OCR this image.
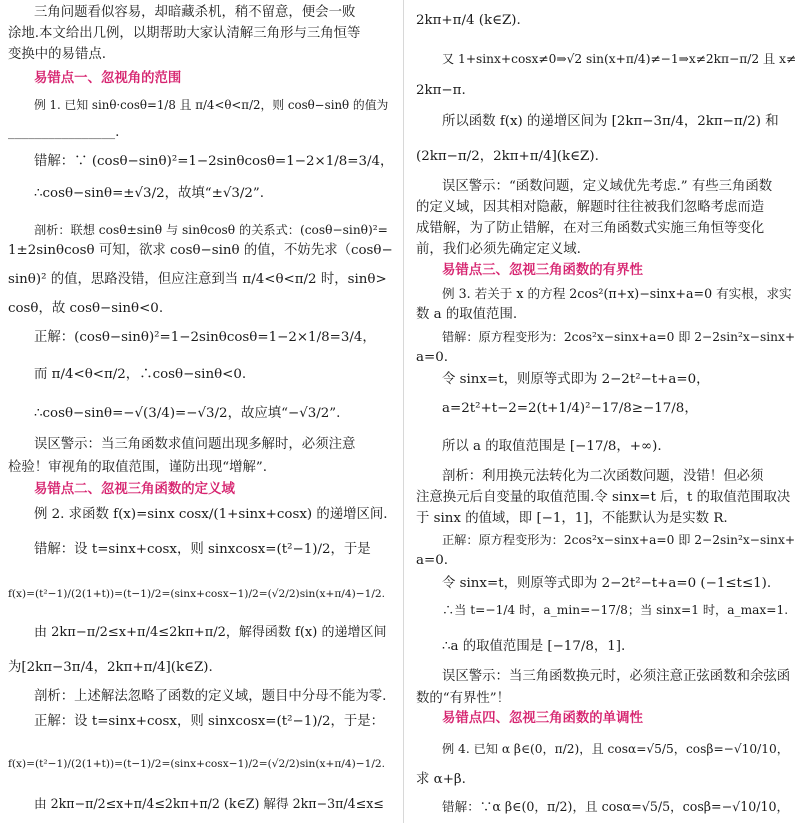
三角问题看似容易，却暗藏杀机，稍不留意，便会一败
涂地.本文给出几例，以期帮助大家认清解三角形与三角恒等
变换中的易错点.
易错点一、忽视角的范围
例 1. 已知 sinθ·cosθ=1/8 且 π/4<θ<π/2，则 cosθ−sinθ 的值为
________________.
错解：∵ (cosθ−sinθ)²=1−2sinθcosθ=1−2×1/8=3/4，
∴cosθ−sinθ=±√3/2，故填“±√3/2”.
剖析：联想 cosθ±sinθ 与 sinθcosθ 的关系式：(cosθ−sinθ)²=
1±2sinθcosθ 可知，欲求 cosθ−sinθ 的值，不妨先求（cosθ−
sinθ)² 的值，思路没错，但应注意到当 π/4<θ<π/2 时，sinθ>
cosθ，故 cosθ−sinθ<0.
正解：(cosθ−sinθ)²=1−2sinθcosθ=1−2×1/8=3/4，
而 π/4<θ<π/2，∴cosθ−sinθ<0.
∴cosθ−sinθ=−√(3/4)=−√3/2，故应填“−√3/2”.
误区警示：当三角函数求值问题出现多解时，必须注意
检验！审视角的取值范围，谨防出现“增解”.
易错点二、忽视三角函数的定义域
例 2. 求函数 f(x)=sinx cosx/(1+sinx+cosx) 的递增区间.
错解：设 t=sinx+cosx，则 sinxcosx=(t²−1)/2，于是
f(x)=(t²−1)/(2(1+t))=(t−1)/2=(sinx+cosx−1)/2=(√2/2)sin(x+π/4)−1/2.
由 2kπ−π/2≤x+π/4≤2kπ+π/2，解得函数 f(x) 的递增区间
为[2kπ−3π/4，2kπ+π/4](k∈Z).
剖析：上述解法忽略了函数的定义域，题目中分母不能为零.
正解：设 t=sinx+cosx，则 sinxcosx=(t²−1)/2，于是：
f(x)=(t²−1)/(2(1+t))=(t−1)/2=(sinx+cosx−1)/2=(√2/2)sin(x+π/4)−1/2.
由 2kπ−π/2≤x+π/4≤2kπ+π/2 (k∈Z) 解得 2kπ−3π/4≤x≤
2kπ+π/4 (k∈Z).
又 1+sinx+cosx≠0⇒√2 sin(x+π/4)≠−1⇒x≠2kπ−π/2 且 x≠
2kπ−π.
所以函数 f(x) 的递增区间为 [2kπ−3π/4，2kπ−π/2) 和
(2kπ−π/2，2kπ+π/4](k∈Z).
误区警示：“函数问题，定义域优先考虑.” 有些三角函数
的定义域，因其相对隐蔽，解题时往往被我们忽略考虑而造
成错解，为了防止错解，在对三角函数式实施三角恒等变化
前，我们必须先确定定义域.
易错点三、忽视三角函数的有界性
例 3. 若关于 x 的方程 2cos²(π+x)−sinx+a=0 有实根，求实
数 a 的取值范围.
错解：原方程变形为：2cos²x−sinx+a=0 即 2−2sin²x−sinx+
a=0.
令 sinx=t，则原等式即为 2−2t²−t+a=0，
a=2t²+t−2=2(t+1/4)²−17/8≥−17/8，
所以 a 的取值范围是 [−17/8，+∞).
剖析：利用换元法转化为二次函数问题，没错！但必须
注意换元后自变量的取值范围.令 sinx=t 后，t 的取值范围取决
于 sinx 的值域，即 [−1，1]，不能默认为是实数 R.
正解：原方程变形为：2cos²x−sinx+a=0 即 2−2sin²x−sinx+
a=0.
令 sinx=t，则原等式即为 2−2t²−t+a=0 (−1≤t≤1).
∴当 t=−1/4 时，a_min=−17/8；当 sinx=1 时，a_max=1.
∴a 的取值范围是 [−17/8，1].
误区警示：当三角函数换元时，必须注意正弦函数和余弦函
数的“有界性”！
易错点四、忽视三角函数的单调性
例 4. 已知 α β∈(0，π/2)，且 cosα=√5/5，cosβ=−√10/10，
求 α+β.
错解：∵α β∈(0，π/2)，且 cosα=√5/5，cosβ=−√10/10，
